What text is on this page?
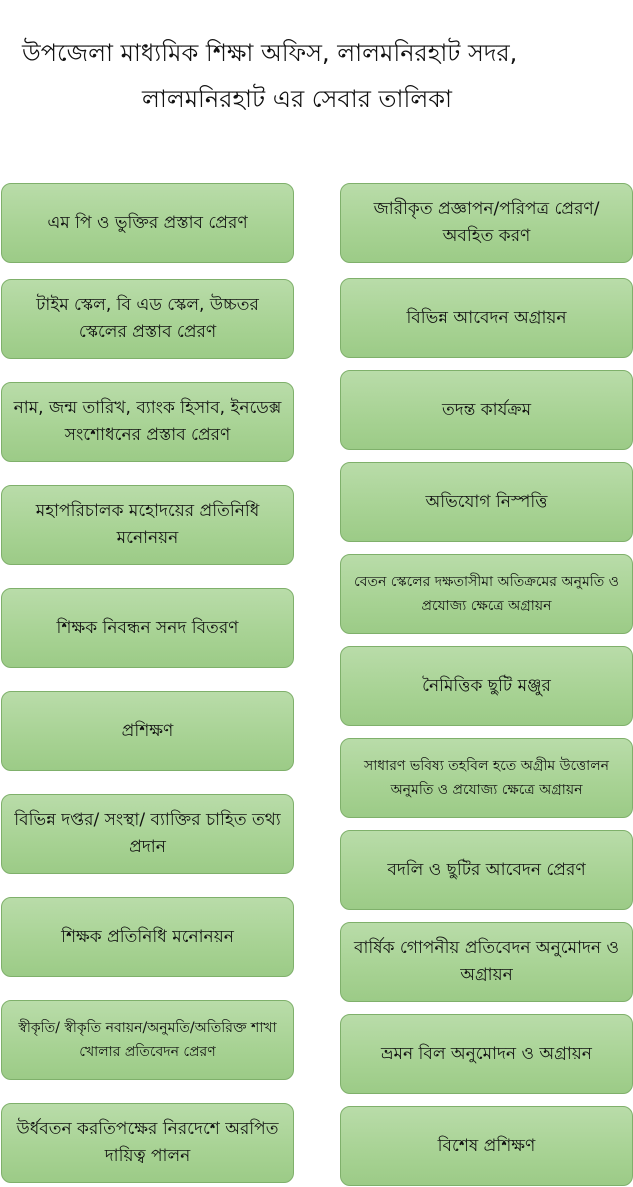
উপজেলা মাধ্যমিক শিক্ষা অফিস, লালমনিরহাট সদর,
লালমনিরহাট এর সেবার তালিকা
এম পি ও ভুক্তির প্রস্তাব প্রেরণ
টাইম স্কেল, বি এড স্কেল, উচ্চতর স্কেলের প্রস্তাব প্রেরণ
নাম, জন্ম তারিখ, ব্যাংক হিসাব, ইনডেক্স সংশোধনের প্রস্তাব প্রেরণ
মহাপরিচালক মহোদয়ের প্রতিনিধি মনোনয়ন
শিক্ষক নিবন্ধন সনদ বিতরণ
প্রশিক্ষণ
বিভিন্ন দপ্তর/ সংস্থা/ ব্যাক্তির চাহিত তথ্য প্রদান
শিক্ষক প্রতিনিধি মনোনয়ন
স্বীকৃতি/ স্বীকৃতি নবায়ন/অনুমতি/অতিরিক্ত শাখা খোলার প্রতিবেদন প্রেরণ
উর্ধবতন করতিপক্ষের নিরদেশে অরপিত দায়িত্ব পালন
জারীকৃত প্রজ্ঞাপন/পরিপত্র প্রেরণ/অবহিত করণ
বিভিন্ন আবেদন অগ্রায়ন
তদন্ত কার্যক্রম
অভিযোগ নিস্পত্তি
বেতন স্কেলের দক্ষতাসীমা অতিক্রমের অনুমতি ও প্রযোজ্য ক্ষেত্রে অগ্রায়ন
নৈমিত্তিক ছুটি মঞ্জুর
সাধারণ ভবিষ্য তহবিল হতে অগ্রীম উত্তোলন অনুমতি ও প্রযোজ্য ক্ষেত্রে অগ্রায়ন
বদলি ও ছুটির আবেদন প্রেরণ
বার্ষিক গোপনীয় প্রতিবেদন অনুমোদন ও অগ্রায়ন
ভ্রমন বিল অনুমোদন ও অগ্রায়ন
বিশেষ প্রশিক্ষণ
